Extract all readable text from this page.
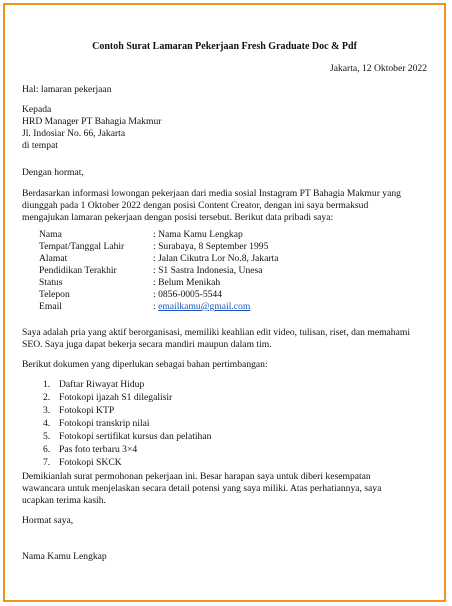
Contoh Surat Lamaran Pekerjaan Fresh Graduate Doc & Pdf
Jakarta, 12 Oktober 2022
Hal: lamaran pekerjaan
Kepada
HRD Manager PT Bahagia Makmur
Jl. Indosiar No. 66, Jakarta
di tempat
Dengan hormat,
Berdasarkan informasi lowongan pekerjaan dari media sosial Instagram PT Bahagia Makmur yang
diunggah pada 1 Oktober 2022 dengan posisi Content Creator, dengan ini saya bermaksud
mengajukan lamaran pekerjaan dengan posisi tersebut. Berikut data pribadi saya:
Nama	: Nama Kamu Lengkap
Tempat/Tanggal Lahir	: Surabaya, 8 September 1995
Alamat	: Jalan Cikutra Lor No.8, Jakarta
Pendidikan Terakhir	: S1 Sastra Indonesia, Unesa
Status	: Belum Menikah
Telepon	: 0856-0005-5544
Email	: emailkamu@gmail.com
Saya adalah pria yang aktif berorganisasi, memiliki keahlian edit video, tulisan, riset, dan memahami
SEO. Saya juga dapat bekerja secara mandiri maupun dalam tim.
Berikut dokumen yang diperlukan sebagai bahan pertimbangan:
1. Daftar Riwayat Hidup
2. Fotokopi ijazah S1 dilegalisir
3. Fotokopi KTP
4. Fotokopi transkrip nilai
5. Fotokopi sertifikat kursus dan pelatihan
6. Pas foto terbaru 3×4
7. Fotokopi SKCK
Demikianlah surat permohonan pekerjaan ini. Besar harapan saya untuk diberi kesempatan
wawancara untuk menjelaskan secara detail potensi yang saya miliki. Atas perhatiannya, saya
ucapkan terima kasih.
Hormat saya,
Nama Kamu Lengkap
